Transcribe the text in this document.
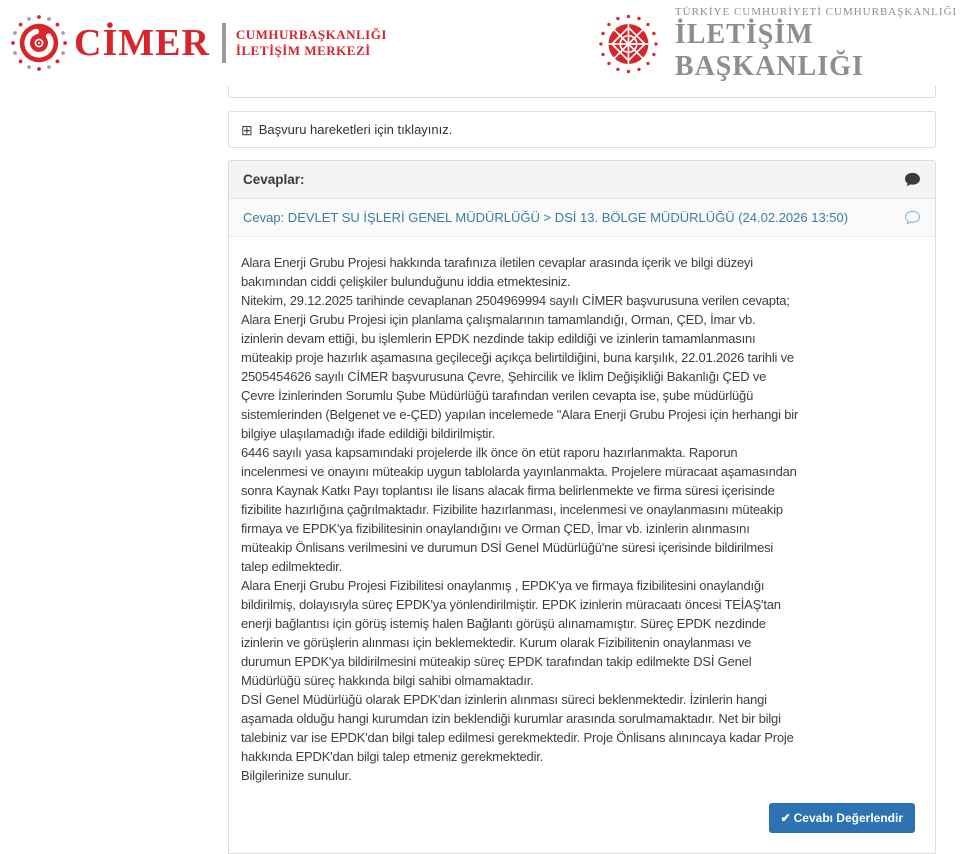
CİMER CUMHURBAŞKANLIĞI
İLETİŞİM MERKEZİ
TÜRKİYE CUMHURİYETİ CUMHURBAŞKANLIĞI
İLETİŞİM BAŞKANLIĞI
⊞ Başvuru hareketleri için tıklayınız.
Cevaplar:
Cevap: DEVLET SU İŞLERİ GENEL MÜDÜRLÜĞÜ > DSİ 13. BÖLGE MÜDÜRLÜĞÜ (24.02.2026 13:50)

Alara Enerji Grubu Projesi hakkında tarafınıza iletilen cevaplar arasında içerik ve bilgi düzeyi bakımından ciddi çelişkiler bulunduğunu iddia etmektesiniz.

Nitekim, 29.12.2025 tarihinde cevaplanan 2504969994 sayılı CİMER başvurusuna verilen cevapta; Alara Enerji Grubu Projesi için planlama çalışmalarının tamamlandığı, Orman, ÇED, İmar vb. izinlerin devam ettiği, bu işlemlerin EPDK nezdinde takip edildiği ve izinlerin tamamlanmasını müteakip proje hazırlık aşamasına geçileceği açıkça belirtildiğini, buna karşılık, 22.01.2026 tarihli ve 2505454626 sayılı CİMER başvurusuna Çevre, Şehircilik ve İklim Değişikliği Bakanlığı ÇED ve Çevre İzinlerinden Sorumlu Şube Müdürlüğü tarafından verilen cevapta ise, şube müdürlüğü sistemlerinden (Belgenet ve e-ÇED) yapılan incelemede "Alara Enerji Grubu Projesi için herhangi bir bilgiye ulaşılamadığı ifade edildiği bildirilmiştir.

6446 sayılı yasa kapsamındaki projelerde ilk önce ön etüt raporu hazırlanmakta. Raporun incelenmesi ve onayını müteakip uygun tablolarda yayınlanmakta. Projelere müracaat aşamasından sonra Kaynak Katkı Payı toplantısı ile lisans alacak firma belirlenmekte ve firma süresi içerisinde fizibilite hazırlığına çağrılmaktadır. Fizibilite hazırlanması, incelenmesi ve onaylanmasını müteakip firmaya ve EPDK'ya fizibilitesinin onaylandığını ve Orman ÇED, İmar vb. izinlerin alınmasını müteakip Önlisans verilmesini ve durumun DSİ Genel Müdürlüğü'ne süresi içerisinde bildirilmesi talep edilmektedir.

Alara Enerji Grubu Projesi Fizibilitesi onaylanmış , EPDK'ya ve firmaya fizibilitesini onaylandığı bildirilmiş, dolayısıyla süreç EPDK'ya yönlendirilmiştir. EPDK izinlerin müracaatı öncesi TEİAŞ'tan enerji bağlantısı için görüş istemiş halen Bağlantı görüşü alınamamıştır. Süreç EPDK nezdinde izinlerin ve görüşlerin alınması için beklemektedir. Kurum olarak Fizibilitenin onaylanması ve durumun EPDK'ya bildirilmesini müteakip süreç EPDK tarafından takip edilmekte DSİ Genel Müdürlüğü süreç hakkında bilgi sahibi olmamaktadır.

DSİ Genel Müdürlüğü olarak EPDK'dan izinlerin alınması süreci beklenmektedir. İzinlerin hangi aşamada olduğu hangi kurumdan izin beklendiği kurumlar arasında sorulmamaktadır. Net bir bilgi talebiniz var ise EPDK'dan bilgi talep edilmesi gerekmektedir. Proje Önlisans alınıncaya kadar Proje hakkında EPDK'dan bilgi talep etmeniz gerekmektedir.

Bilgilerinize sunulur.

✔ Cevabı Değerlendir
